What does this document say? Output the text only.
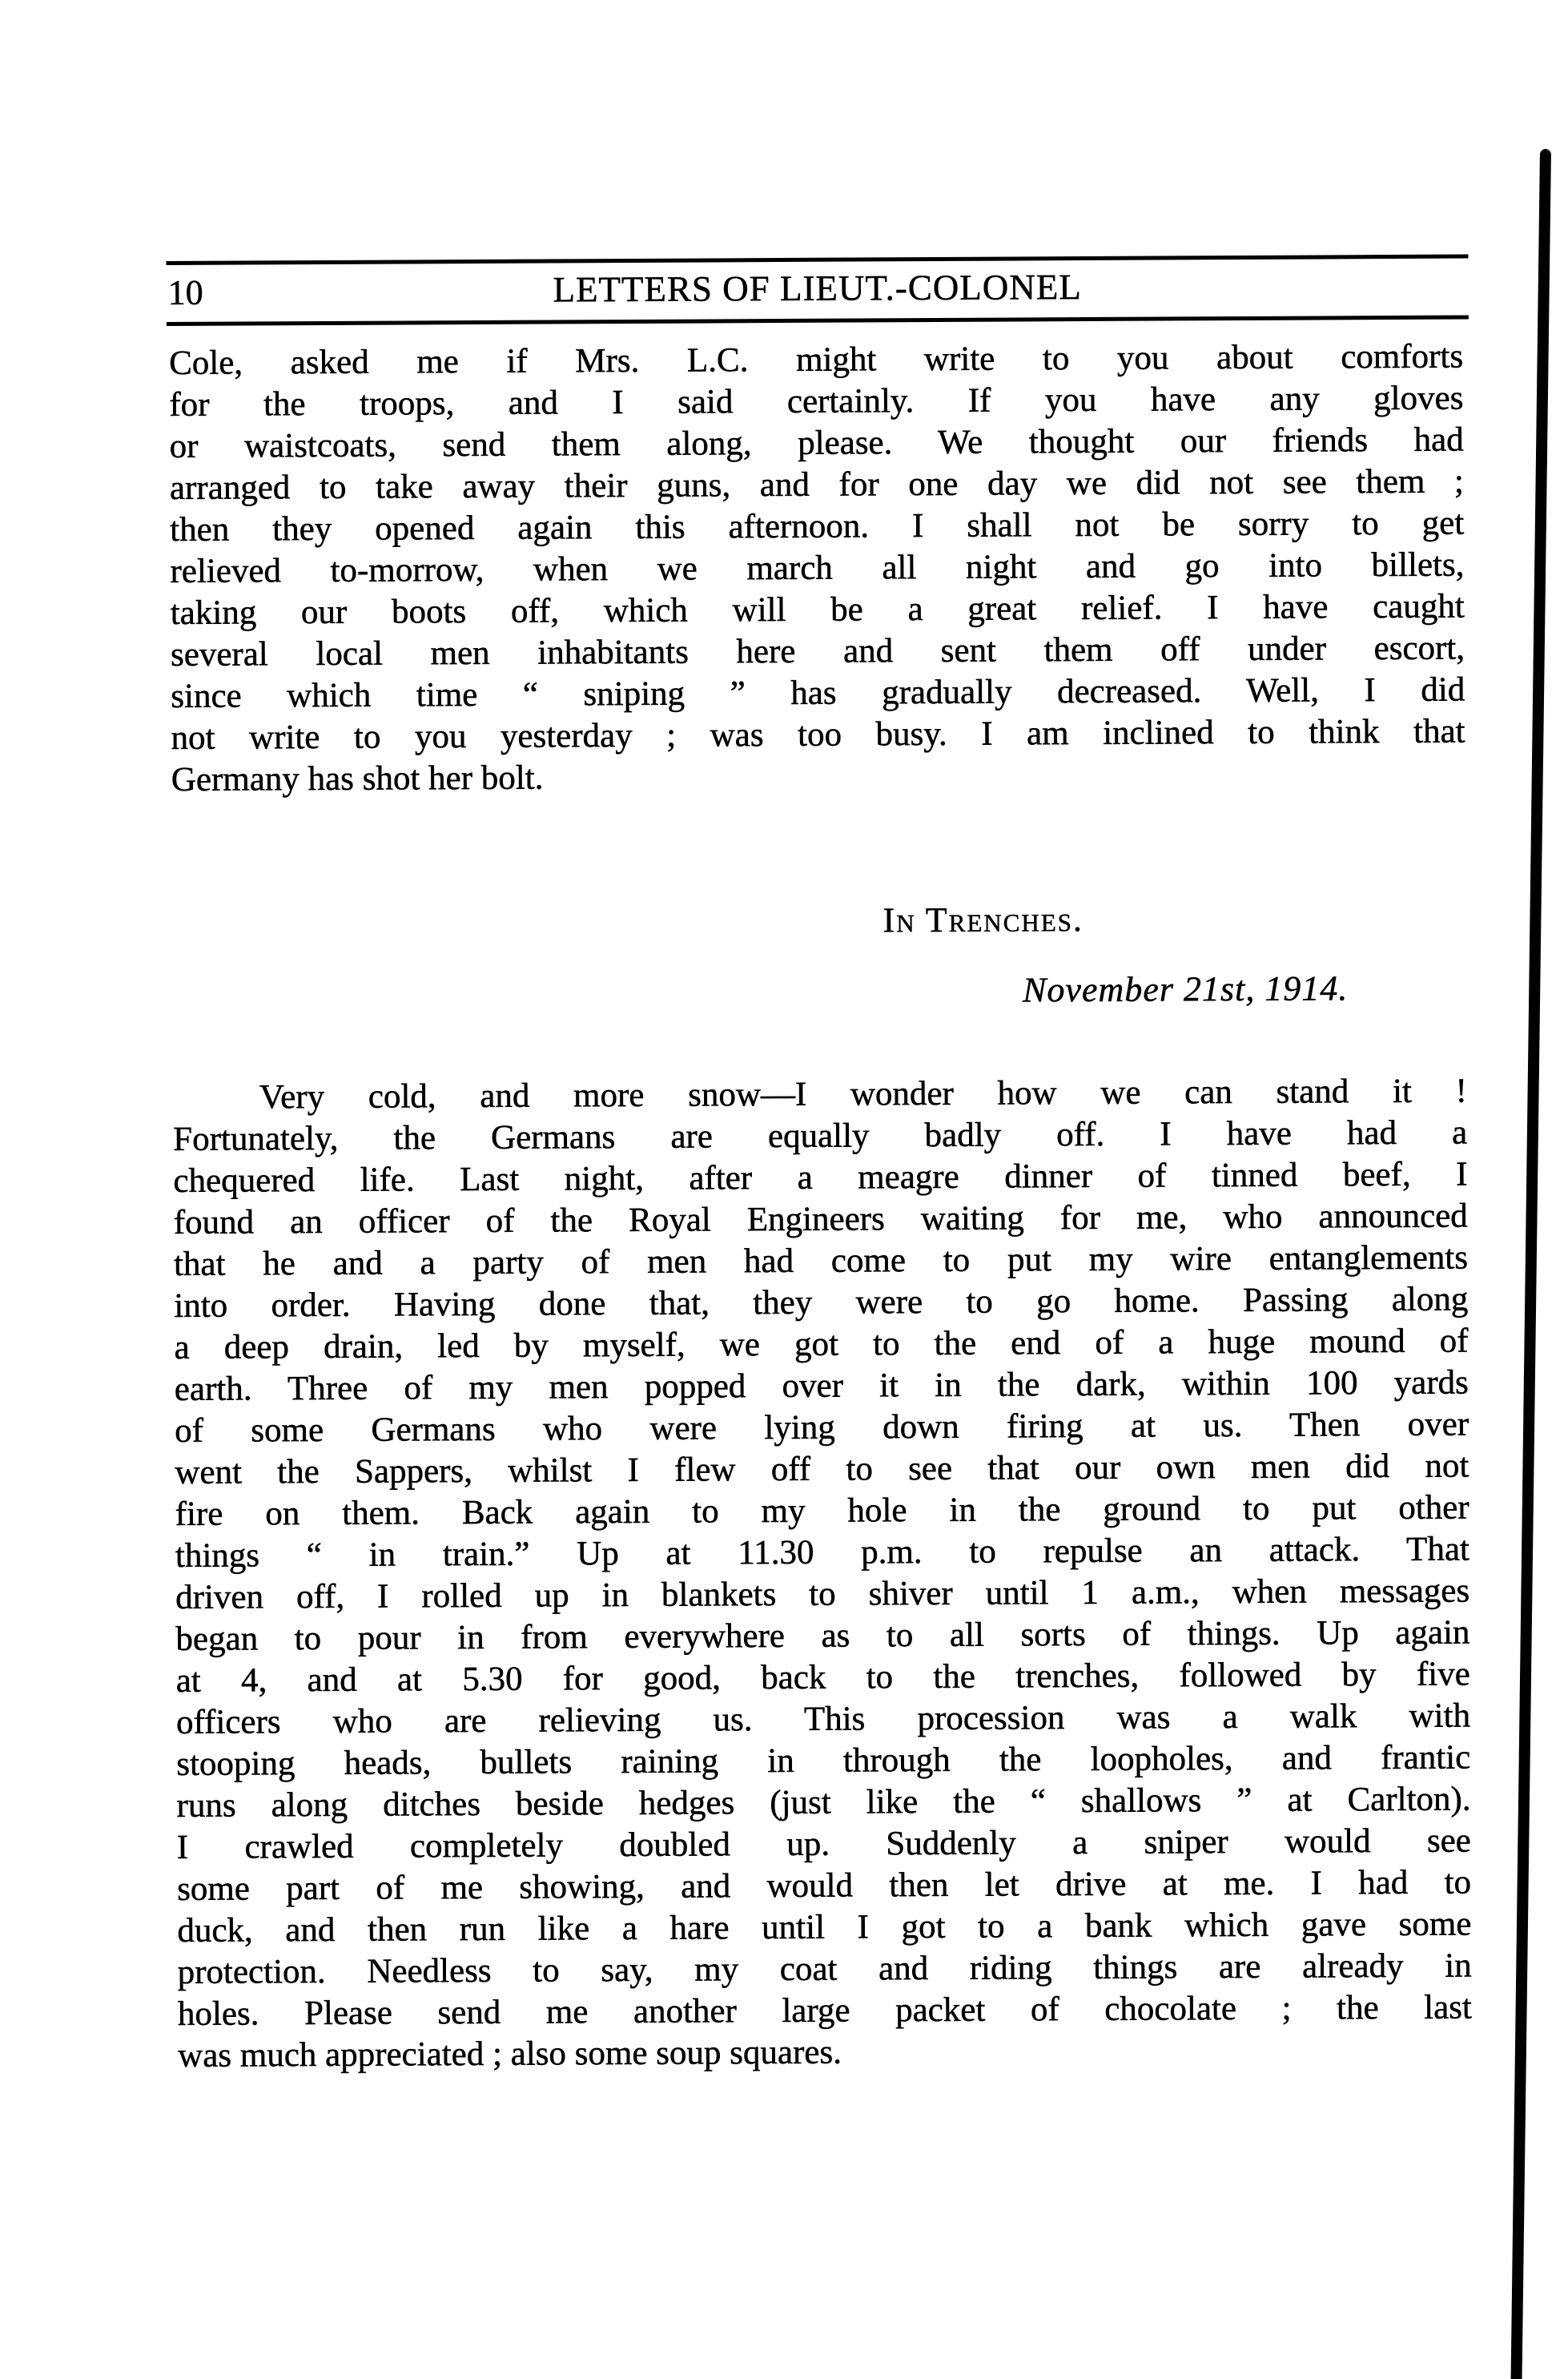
10	LETTERS OF LIEUT.-COLONEL
Cole, asked me if Mrs. L.C. might write to you about comforts
for the troops, and I said certainly. If you have any gloves
or waistcoats, send them along, please. We thought our friends had
arranged to take away their guns, and for one day we did not see them ;
then they opened again this afternoon. I shall not be sorry to get
relieved to-morrow, when we march all night and go into billets,
taking our boots off, which will be a great relief. I have caught
several local men inhabitants here and sent them off under escort,
since which time “ sniping ” has gradually decreased. Well, I did
not write to you yesterday ; was too busy. I am inclined to think that
Germany has shot her bolt.
In Trenches.
November 21st, 1914.
Very cold, and more snow—I wonder how we can stand it !
Fortunately, the Germans are equally badly off. I have had a
chequered life. Last night, after a meagre dinner of tinned beef, I
found an officer of the Royal Engineers waiting for me, who announced
that he and a party of men had come to put my wire entanglements
into order. Having done that, they were to go home. Passing along
a deep drain, led by myself, we got to the end of a huge mound of
earth. Three of my men popped over it in the dark, within 100 yards
of some Germans who were lying down firing at us. Then over
went the Sappers, whilst I flew off to see that our own men did not
fire on them. Back again to my hole in the ground to put other
things “ in train.” Up at 11.30 p.m. to repulse an attack. That
driven off, I rolled up in blankets to shiver until 1 a.m., when messages
began to pour in from everywhere as to all sorts of things. Up again
at 4, and at 5.30 for good, back to the trenches, followed by five
officers who are relieving us. This procession was a walk with
stooping heads, bullets raining in through the loopholes, and frantic
runs along ditches beside hedges (just like the “ shallows ” at Carlton).
I crawled completely doubled up. Suddenly a sniper would see
some part of me showing, and would then let drive at me. I had to
duck, and then run like a hare until I got to a bank which gave some
protection. Needless to say, my coat and riding things are already in
holes. Please send me another large packet of chocolate ; the last
was much appreciated ; also some soup squares.
